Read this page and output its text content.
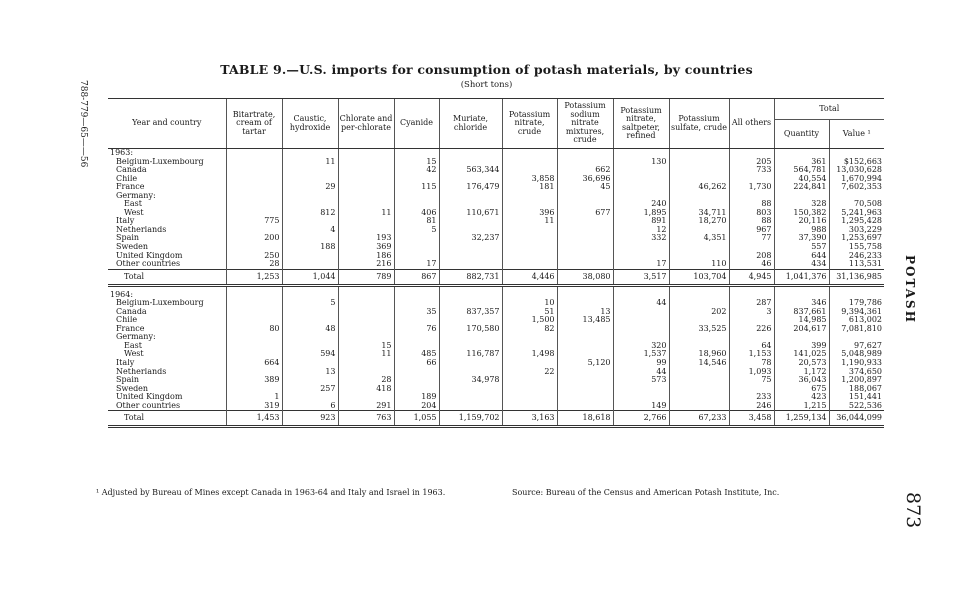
788-779—65——56
TABLE 9.—U.S. imports for consumption of potash materials, by countries
(Short tons)
POTASH
873
Year and country	Bitartrate, cream of tartar	Caustic, hydroxide	Chlorate and per-chlorate	Cyanide	Muriate, chloride	Potassium nitrate, crude	Potassium sodium nitrate mixtures, crude	Potassium nitrate, saltpeter, refined	Potassium sulfate, crude	All others	Total	
											Quantity	Value ¹
1963:												
Belgium-Luxembourg		11		15				130		205	361	$152,663
Canada				42	563,344		662			733	564,781	13,030,628
Chile						3,858	36,696				40,554	1,670,994
France		29		115	176,479	181	45		46,262	1,730	224,841	7,602,353
Germany:												
East								240		88	328	70,508
West		812	11	406	110,671	396	677	1,895	34,711	803	150,382	5,241,963
Italy	775			81		11		891	18,270	88	20,116	1,295,428
Netherlands		4		5				12		967	988	303,229
Spain	200		193		32,237			332	4,351	77	37,390	1,253,697
Sweden		188	369								557	155,758
United Kingdom	250		186							208	644	246,233
Other countries	28		216	17				17	110	46	434	113,531
Total	1,253	1,044	789	867	882,731	4,446	38,080	3,517	103,704	4,945	1,041,376	31,136,985

1964:												
Belgium-Luxembourg		5				10		44		287	346	179,786
Canada				35	837,357	51	13		202	3	837,661	9,394,361
Chile						1,500	13,485				14,985	613,002
France	80	48		76	170,580	82			33,525	226	204,617	7,081,810
Germany:												
East			15					320		64	399	97,627
West		594	11	485	116,787	1,498		1,537	18,960	1,153	141,025	5,048,989
Italy	664			66			5,120	99	14,546	78	20,573	1,190,933
Netherlands		13				22		44		1,093	1,172	374,650
Spain	389		28		34,978			573		75	36,043	1,200,897
Sweden		257	418								675	188,067
United Kingdom	1			189						233	423	151,441
Other countries	319	6	291	204				149		246	1,215	522,536
Total	1,453	923	763	1,055	1,159,702	3,163	18,618	2,766	67,233	3,458	1,259,134	36,044,099
¹ Adjusted by Bureau of Mines except Canada in 1963-64 and Italy and Israel in 1963.	Source: Bureau of the Census and American Potash Institute, Inc.
